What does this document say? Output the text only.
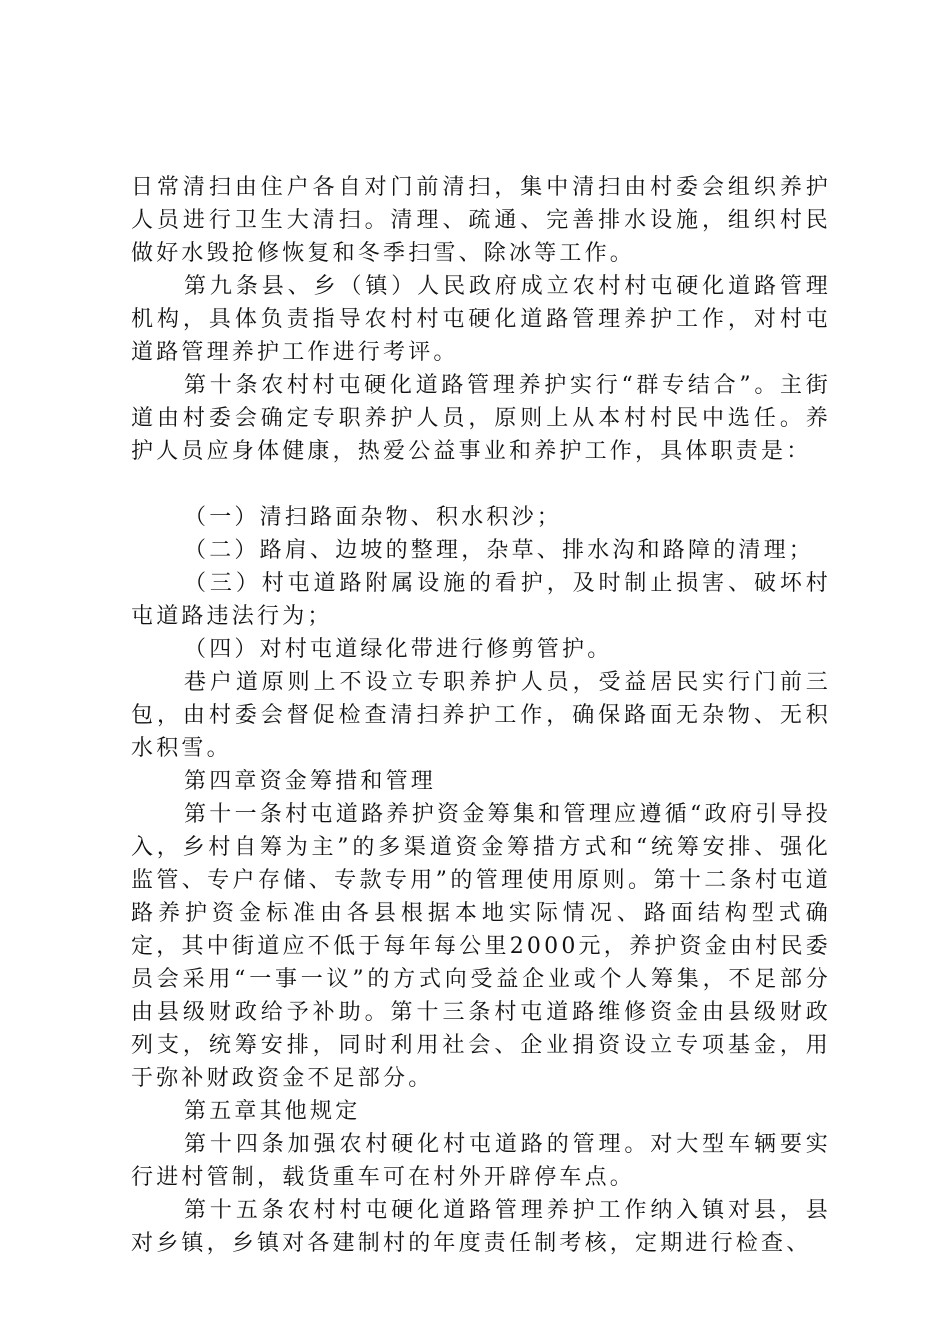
日常清扫由住户各自对门前清扫，集中清扫由村委会组织养护人员进行卫生大清扫。清理、疏通、完善排水设施，组织村民做好水毁抢修恢复和冬季扫雪、除冰等工作。

第九条县、乡（镇）人民政府成立农村村屯硬化道路管理机构，具体负责指导农村村屯硬化道路管理养护工作，对村屯道路管理养护工作进行考评。

第十条农村村屯硬化道路管理养护实行“群专结合”。主街道由村委会确定专职养护人员，原则上从本村村民中选任。养护人员应身体健康，热爱公益事业和养护工作，具体职责是：

（一）清扫路面杂物、积水积沙；

（二）路肩、边坡的整理，杂草、排水沟和路障的清理；

（三）村屯道路附属设施的看护，及时制止损害、破坏村屯道路违法行为；

（四）对村屯道绿化带进行修剪管护。

巷户道原则上不设立专职养护人员，受益居民实行门前三包，由村委会督促检查清扫养护工作，确保路面无杂物、无积水积雪。

第四章资金筹措和管理

第十一条村屯道路养护资金筹集和管理应遵循“政府引导投入，乡村自筹为主”的多渠道资金筹措方式和“统筹安排、强化监管、专户存储、专款专用”的管理使用原则。第十二条村屯道路养护资金标准由各县根据本地实际情况、路面结构型式确定，其中街道应不低于每年每公里2000元，养护资金由村民委员会采用“一事一议”的方式向受益企业或个人筹集，不足部分由县级财政给予补助。第十三条村屯道路维修资金由县级财政列支，统筹安排，同时利用社会、企业捐资设立专项基金，用于弥补财政资金不足部分。

第五章其他规定

第十四条加强农村硬化村屯道路的管理。对大型车辆要实行进村管制，载货重车可在村外开辟停车点。

第十五条农村村屯硬化道路管理养护工作纳入镇对县，县对乡镇，乡镇对各建制村的年度责任制考核，定期进行检查、
